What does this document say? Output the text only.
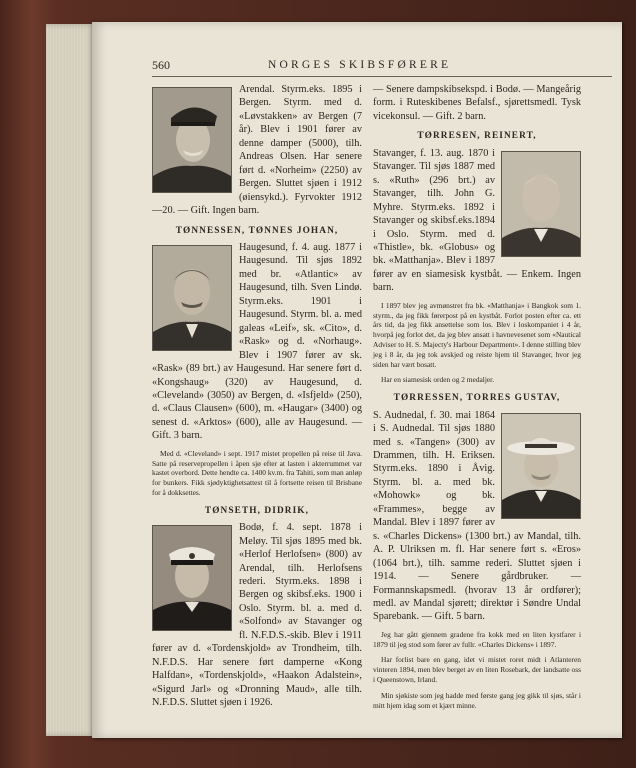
560	NORGES SKIBSFØRERE

Arendal. Styrm.eks. 1895 i Bergen. Styrm. med d. «Løvstakken» av Bergen (7 år). Blev i 1901 fører av denne damper (5000), tilh. Andreas Olsen. Har senere ført d. «Norheim» (2250) av Bergen. Sluttet sjøen i 1912 (øiensykd.). Fyrvokter 1912 —20. — Gift. Ingen barn.

TØNNESSEN, TØNNES JOHAN,

Haugesund, f. 4. aug. 1877 i Haugesund. Til sjøs 1892 med br. «Atlantic» av Haugesund, tilh. Sven Lindø. Styrm.eks. 1901 i Haugesund. Styrm. bl. a. med galeas «Leif», sk. «Cito», d. «Rask» og d. «Norhaug». Blev i 1907 fører av sk. «Rask» (89 brt.) av Haugesund. Har senere ført d. «Kongshaug» (320) av Haugesund, d. «Cleveland» (3050) av Bergen, d. «Isfjeld» (250), d. «Claus Clausen» (600), m. «Haugar» (3400) og senest d. «Arktos» (600), alle av Haugesund. — Gift. 3 barn.

Med d. «Cleveland» i sept. 1917 mistet propellen på reise til Java. Satte på reservepropellen i åpen sjø efter at lasten i akterrummet var kastet overbord. Dette hendte ca. 1400 kv.m. fra Tahiti, som man anløp for bunkers. Fikk sjødyktighetsattest til å fortsette reisen til Brisbane for å dokksettes.

TØNSETH, DIDRIK,

Bodø, f. 4. sept. 1878 i Meløy. Til sjøs 1895 med bk. «Herlof Herlofsen» (800) av Arendal, tilh. Herlofsens rederi. Styrm.eks. 1898 i Bergen og skibsf.eks. 1900 i Oslo. Styrm. bl. a. med d. «Solfond» av Stavanger og fl. N.F.D.S.-skib. Blev i 1911 fører av d. «Tordenskjold» av Trondheim, tilh. N.F.D.S. Har senere ført damperne «Kong Halfdan», «Tordenskjold», «Haakon Adalstein», «Sigurd Jarl» og «Dronning Maud», alle tilh. N.F.D.S. Sluttet sjøen i 1926.

— Senere dampskibsekspd. i Bodø. — Mangeårig form. i Ruteskibenes Befalsf., sjørettsmedl. Tysk vicekonsul. — Gift. 2 barn.

TØRRESEN, REINERT,

Stavanger, f. 13. aug. 1870 i Stavanger. Til sjøs 1887 med s. «Ruth» (296 brt.) av Stavanger, tilh. John G. Myhre. Styrm.eks. 1892 i Stavanger og skibsf.eks.1894 i Oslo. Styrm. med d. «Thistle», bk. «Globus» og bk. «Matthanja». Blev i 1897 fører av en siamesisk kystbåt. — Enkem. Ingen barn.

I 1897 blev jeg avmønstret fra bk. «Matthanja» i Bangkok som 1. styrm., da jeg fikk førerpost på en kystbåt. Forlot posten efter ca. ett års tid, da jeg fikk ansettelse som los. Blev i loskompaniet i 4 år, hvorpå jeg forlot det, da jeg blev ansatt i havnevesenet som «Nautical Adviser to H. S. Majecty's Harbour Department». I denne stilling blev jeg i 8 år, da jeg tok avskjed og reiste hjem til Stavanger, hvor jeg siden har vært bosatt.

Har en siamesisk orden og 2 medaljer.

TØRRESSEN, TORRES GUSTAV,

S. Audnedal, f. 30. mai 1864 i S. Audnedal. Til sjøs 1880 med s. «Tangen» (300) av Drammen, tilh. H. Eriksen. Styrm.eks. 1890 i Åvig. Styrm. bl. a. med bk. «Mohowk» og bk. «Frammes», begge av Mandal. Blev i 1897 fører av s. «Charles Dickens» (1300 brt.) av Mandal, tilh. A. P. Ulriksen m. fl. Har senere ført s. «Eros» (1064 brt.), tilh. samme rederi. Sluttet sjøen i 1914. — Senere gårdbruker. — Formannskapsmedl. (hvorav 13 år ordfører); medl. av Mandal sjørett; direktør i Søndre Undal Sparebank. — Gift. 5 barn.

Jeg har gått gjennem gradene fra kokk med en liten kystfarer i 1879 til jeg stod som fører av fullr. «Charles Dickens» i 1897.

Har forlist bare en gang, idet vi mistet roret midt i Atlanteren vinteren 1894, men blev berget av en liten Rosebark, der landsatte oss i Queenstown, Irland.

Min sjøkiste som jeg hadde med første gang jeg gikk til sjøs, står i mitt hjem idag som et kjært minne.
